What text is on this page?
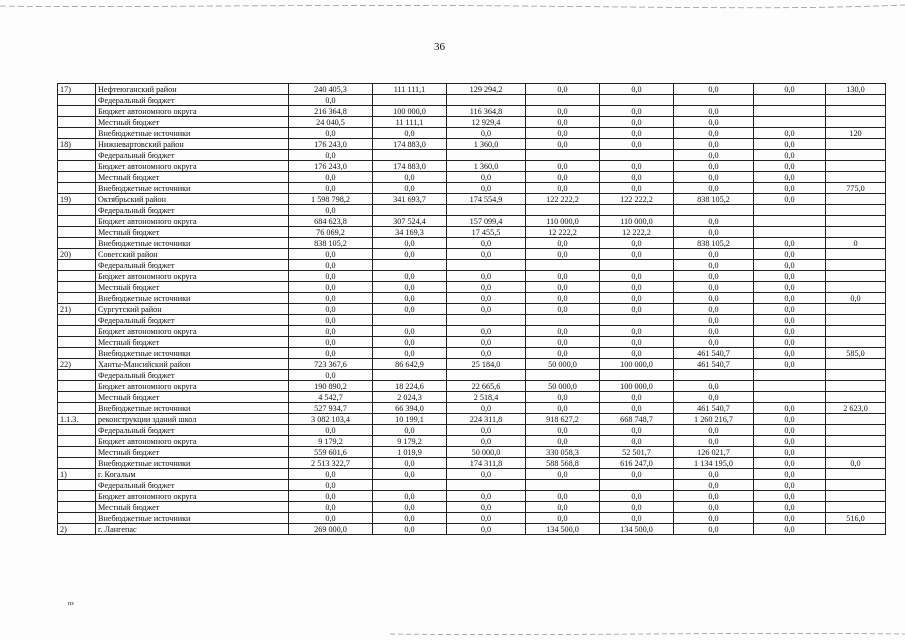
36
17)	Нефтеюганский район	240 405,3	111 111,1	129 294,2	0,0	0,0	0,0	0,0	130,0
	Федеральный бюджет	0,0							
	Бюджет автономного округа	216 364,8	100 000,0	116 364,8	0,0	0,0	0,0		
	Местный бюджет	24 040,5	11 111,1	12 929,4	0,0	0,0	0,0		
	Внебюджетные источники	0,0	0,0	0,0	0,0	0,0	0,0	0,0	120
18)	Нижневартовский район	176 243,0	174 883,0	1 360,0	0,0	0,0	0,0	0,0	
	Федеральный бюджет	0,0					0,0	0,0	
	Бюджет автономного округа	176 243,0	174 883,0	1 360,0	0,0	0,0	0,0	0,0	
	Местный бюджет	0,0	0,0	0,0	0,0	0,0	0,0	0,0	
	Внебюджетные источники	0,0	0,0	0,0	0,0	0,0	0,0	0,0	775,0
19)	Октябрьский район	1 598 798,2	341 693,7	174 554,9	122 222,2	122 222,2	838 105,2	0,0	
	Федеральный бюджет	0,0							
	Бюджет автономного округа	684 623,8	307 524,4	157 099,4	110 000,0	110 000,0	0,0		
	Местный бюджет	76 069,2	34 169,3	17 455,5	12 222,2	12 222,2	0,0		
	Внебюджетные источники	838 105,2	0,0	0,0	0,0	0,0	838 105,2	0,0	0
20)	Советский район	0,0	0,0	0,0	0,0	0,0	0,0	0,0	
	Федеральный бюджет	0,0					0,0	0,0	
	Бюджет автономного округа	0,0	0,0	0,0	0,0	0,0	0,0	0,0	
	Местный бюджет	0,0	0,0	0,0	0,0	0,0	0,0	0,0	
	Внебюджетные источники	0,0	0,0	0,0	0,0	0,0	0,0	0,0	0,0
21)	Сургутский район	0,0	0,0	0,0	0,0	0,0	0,0	0,0	
	Федеральный бюджет	0,0					0,0	0,0	
	Бюджет автономного округа	0,0	0,0	0,0	0,0	0,0	0,0	0,0	
	Местный бюджет	0,0	0,0	0,0	0,0	0,0	0,0	0,0	
	Внебюджетные источники	0,0	0,0	0,0	0,0	0,0	461 540,7	0,0	585,0
22)	Ханты-Мансийский район	723 367,6	86 642,9	25 184,0	50 000,0	100 000,0	461 540,7	0,0	
	Федеральный бюджет	0,0							
	Бюджет автономного округа	190 890,2	18 224,6	22 665,6	50 000,0	100 000,0	0,0		
	Местный бюджет	4 542,7	2 024,3	2 518,4	0,0	0,0	0,0		
	Внебюджетные источники	527 934,7	66 394,0	0,0	0,0	0,0	461 540,7	0,0	2 623,0
1.1.3.	реконструкции зданий школ	3 082 103,4	10 199,1	224 311,8	918 627,2	668 748,7	1 260 216,7	0,0	
	Федеральный бюджет	0,0	0,0	0,0	0,0	0,0	0,0	0,0	
	Бюджет автономного округа	9 179,2	9 179,2	0,0	0,0	0,0	0,0	0,0	
	Местный бюджет	559 601,6	1 019,9	50 000,0	330 058,3	52 501,7	126 021,7	0,0	
	Внебюджетные источники	2 513 322,7	0,0	174 311,8	588 568,8	616 247,0	1 134 195,0	0,0	0,0
1)	г. Когалым	0,0	0,0	0,0	0,0	0,0	0,0	0,0	
	Федеральный бюджет	0,0					0,0	0,0	
	Бюджет автономного округа	0,0	0,0	0,0	0,0	0,0	0,0	0,0	
	Местный бюджет	0,0	0,0	0,0	0,0	0,0	0,0	0,0	
	Внебюджетные источники	0,0	0,0	0,0	0,0	0,0	0,0	0,0	516,0
2)	г. Лангепас	269 000,0	0,0	0,0	134 500,0	134 500,0	0,0	0,0	
пз
